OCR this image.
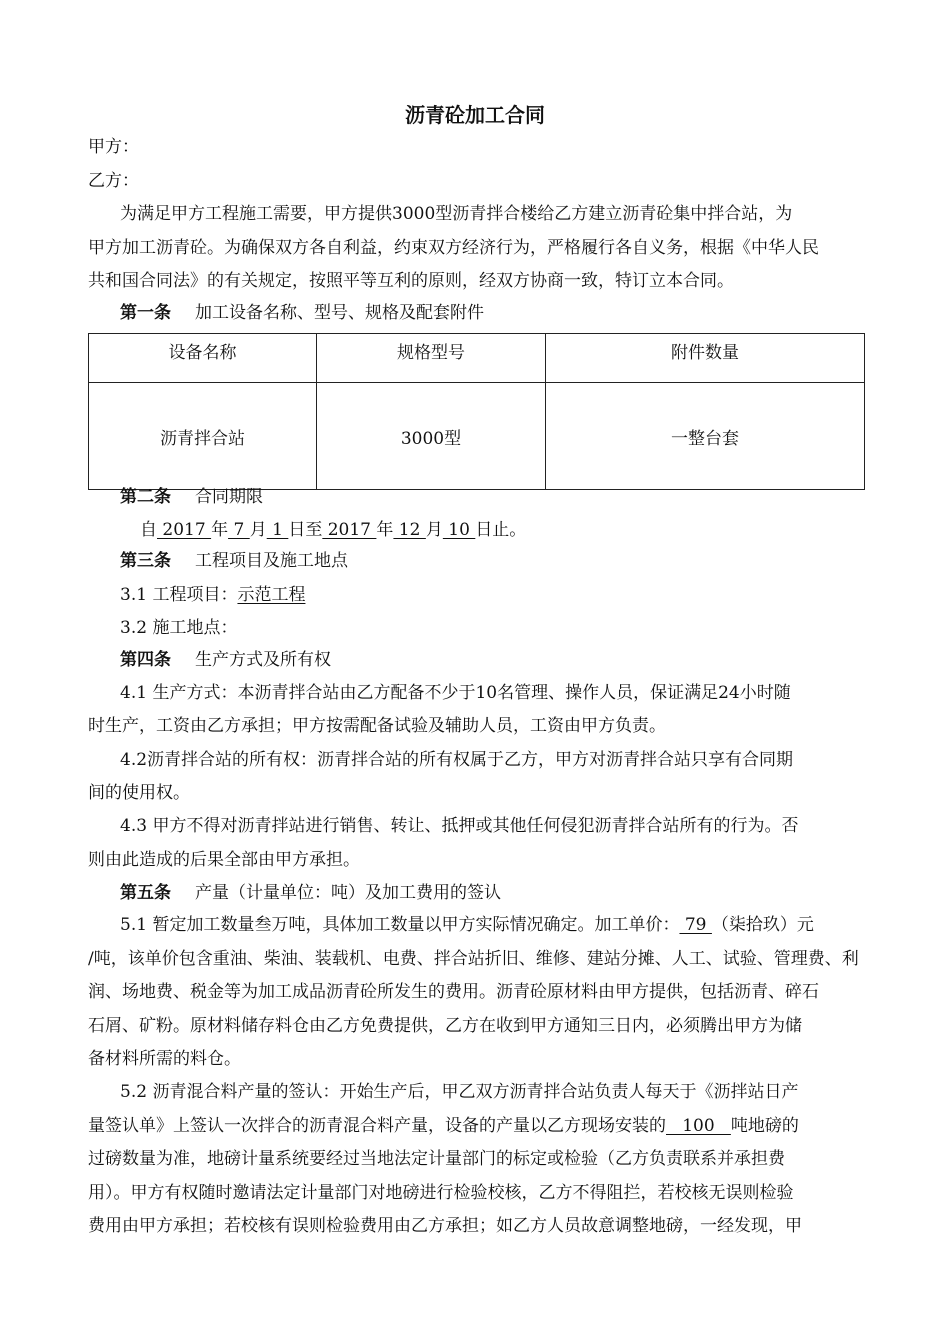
沥青砼加工合同
甲方：
乙方：
为满足甲方工程施工需要，甲方提供3000型沥青拌合楼给乙方建立沥青砼集中拌合站，为
甲方加工沥青砼。为确保双方各自利益，约束双方经济行为，严格履行各自义务，根据《中华人民
共和国合同法》的有关规定，按照平等互利的原则，经双方协商一致，特订立本合同。
第一条 加工设备名称、型号、规格及配套附件
设备名称	规格型号	附件数量
沥青拌合站	3000型	一整台套
第二条 合同期限
自 2017 年 7 月 1 日至 2017 年 12 月 10 日止。
第三条 工程项目及施工地点
3.1 工程项目：示范工程
3.2 施工地点：
第四条 生产方式及所有权
4.1 生产方式：本沥青拌合站由乙方配备不少于10名管理、操作人员，保证满足24小时随
时生产，工资由乙方承担；甲方按需配备试验及辅助人员，工资由甲方负责。
4.2沥青拌合站的所有权：沥青拌合站的所有权属于乙方，甲方对沥青拌合站只享有合同期
间的使用权。
4.3 甲方不得对沥青拌站进行销售、转让、抵押或其他任何侵犯沥青拌合站所有的行为。否
则由此造成的后果全部由甲方承担。
第五条 产量（计量单位：吨）及加工费用的签认
5.1 暂定加工数量叁万吨，具体加工数量以甲方实际情况确定。加工单价： 79 （柒拾玖）元
/吨，该单价包含重油、柴油、装载机、电费、拌合站折旧、维修、建站分摊、人工、试验、管理费、利
润、场地费、税金等为加工成品沥青砼所发生的费用。沥青砼原材料由甲方提供，包括沥青、碎石
石屑、矿粉。原材料储存料仓由乙方免费提供，乙方在收到甲方通知三日内，必须腾出甲方为储
备材料所需的料仓。
5.2 沥青混合料产量的签认：开始生产后，甲乙双方沥青拌合站负责人每天于《沥拌站日产
量签认单》上签认一次拌合的沥青混合料产量，设备的产量以乙方现场安装的   100   吨地磅的
过磅数量为准，地磅计量系统要经过当地法定计量部门的标定或检验（乙方负责联系并承担费
用）。甲方有权随时邀请法定计量部门对地磅进行检验校核，乙方不得阻拦，若校核无误则检验
费用由甲方承担；若校核有误则检验费用由乙方承担；如乙方人员故意调整地磅，一经发现，甲
